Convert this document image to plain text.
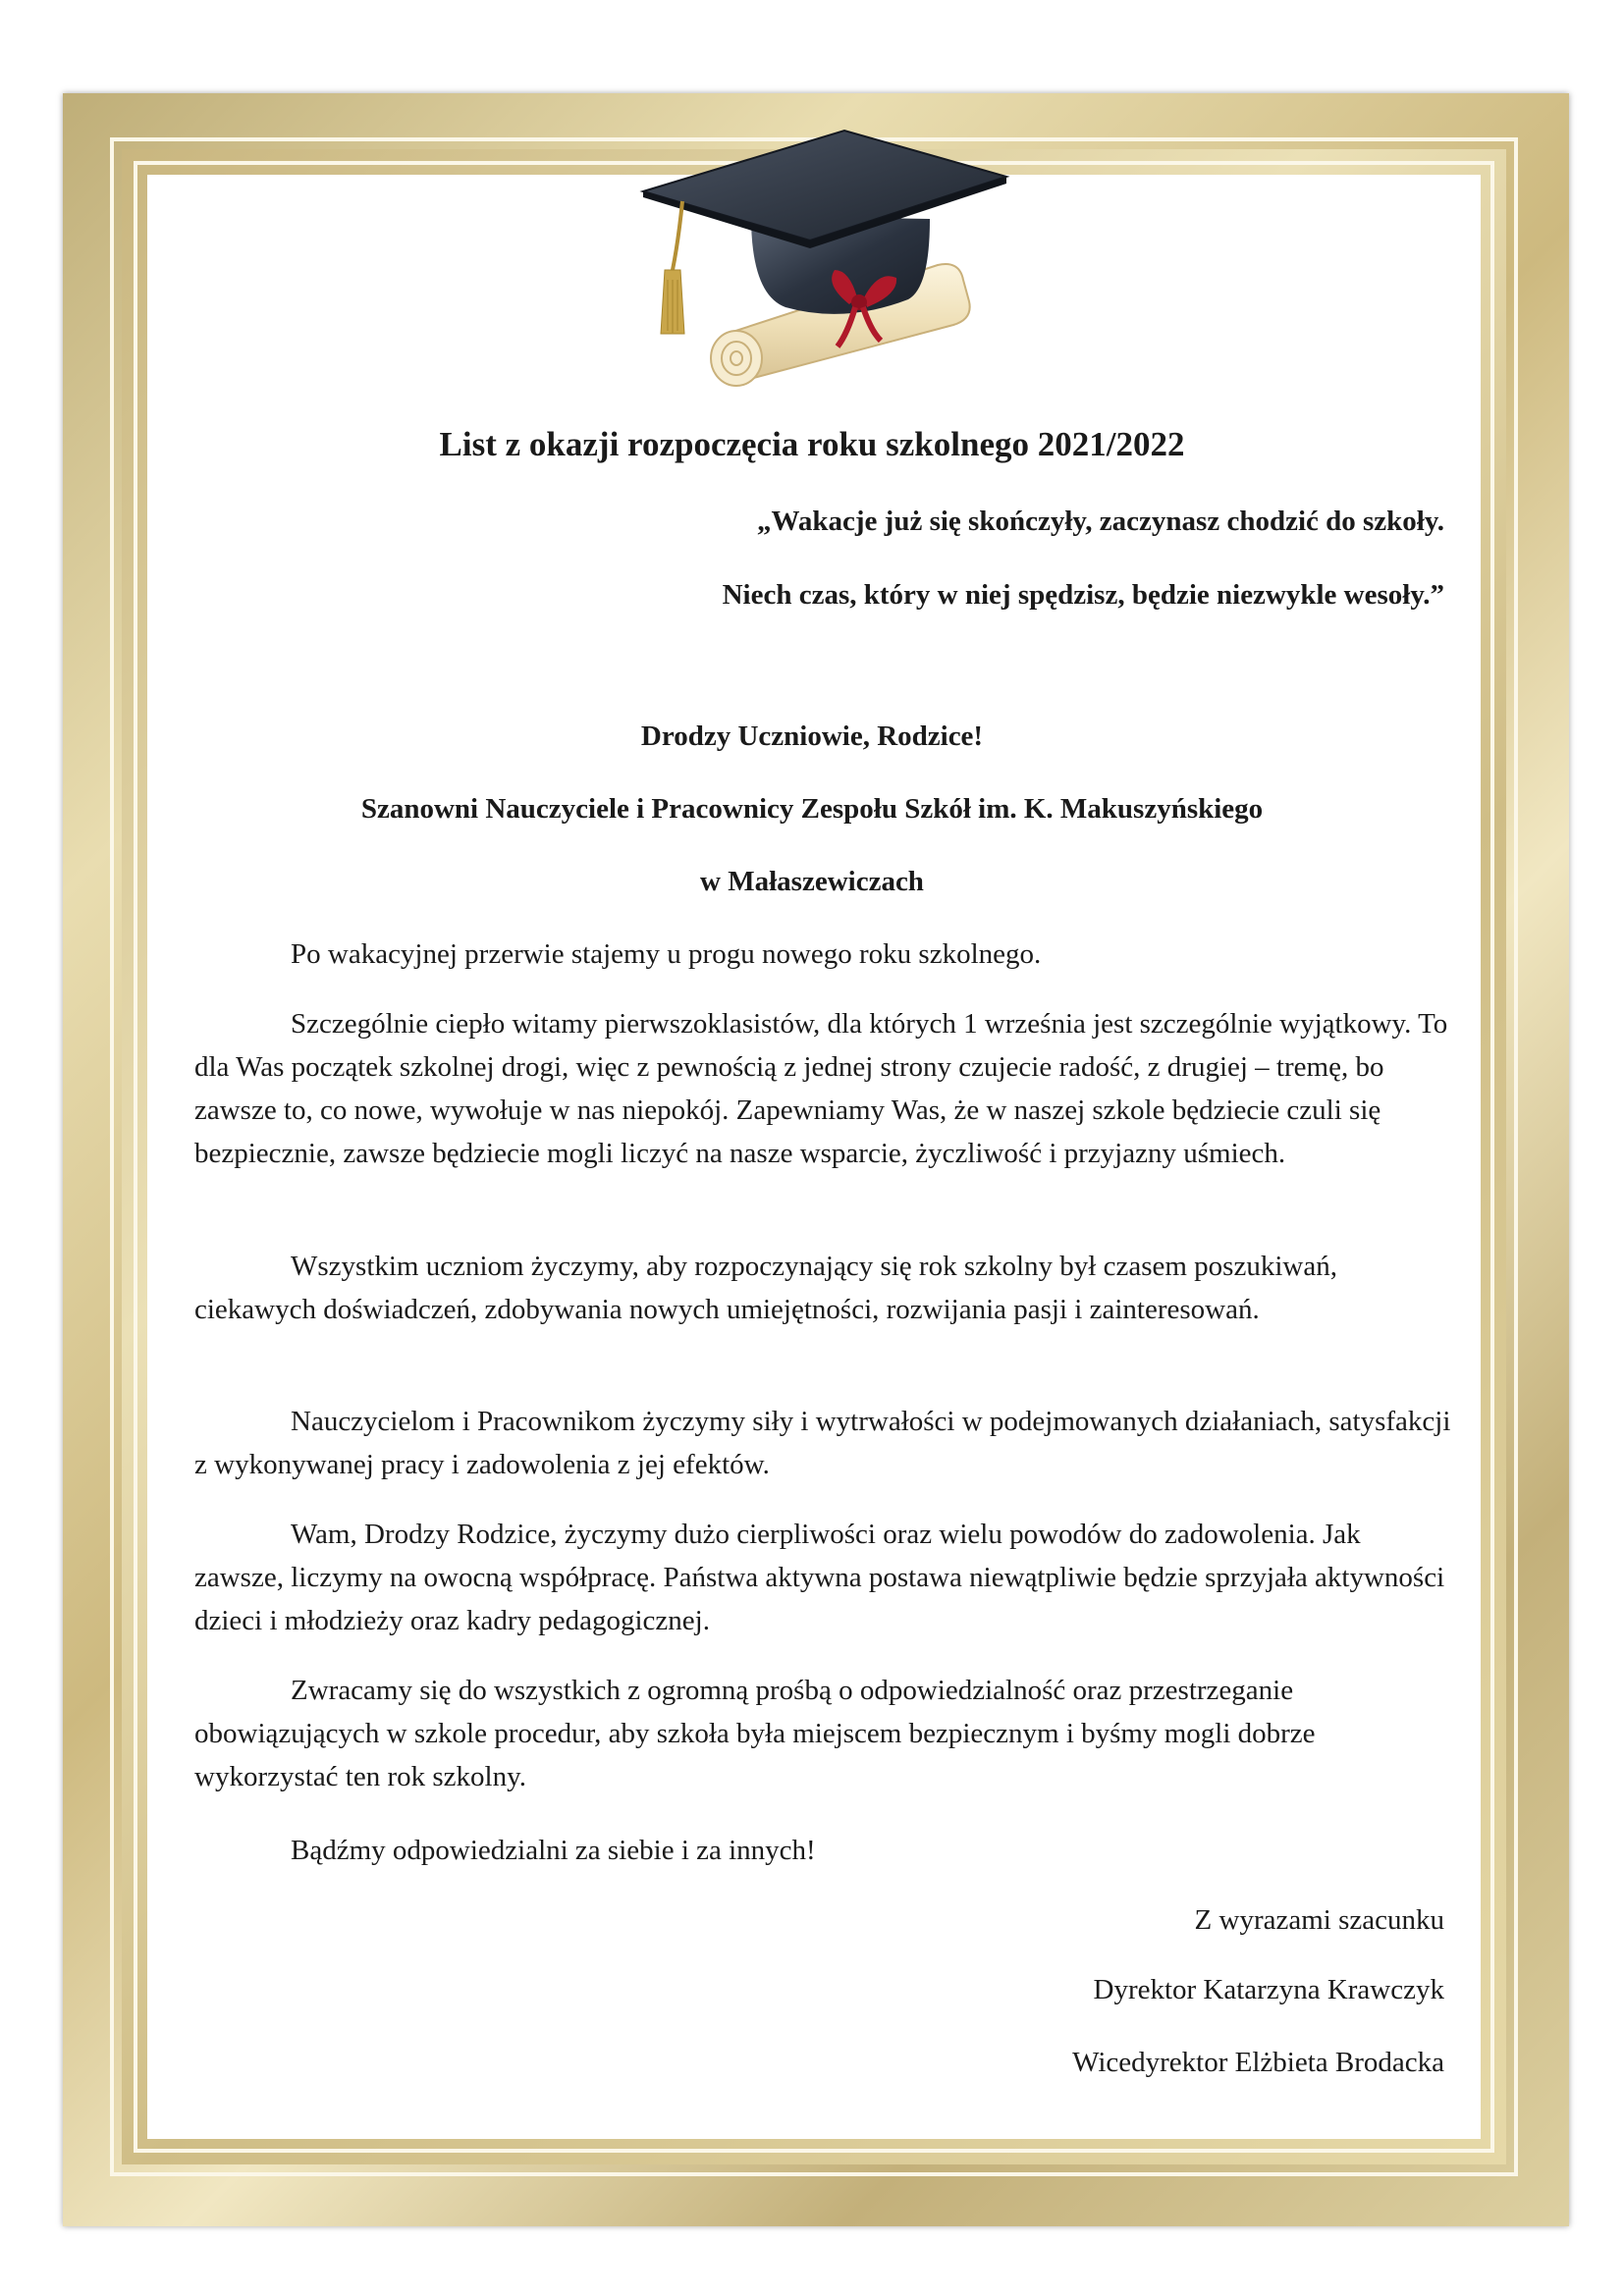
List z okazji rozpoczęcia roku szkolnego 2021/2022
„Wakacje już się skończyły, zaczynasz chodzić do szkoły.
Niech czas, który w niej spędzisz, będzie niezwykle wesoły.”
Drodzy Uczniowie, Rodzice!
Szanowni Nauczyciele i Pracownicy Zespołu Szkół im. K. Makuszyńskiego
w Małaszewiczach

Po wakacyjnej przerwie stajemy u progu nowego roku szkolnego.

Szczególnie ciepło witamy pierwszoklasistów, dla których 1 września jest szczególnie wyjątkowy. To dla Was początek szkolnej drogi, więc z pewnością z jednej strony czujecie radość, z drugiej – tremę, bo zawsze to, co nowe, wywołuje w nas niepokój. Zapewniamy Was, że w naszej szkole będziecie czuli się bezpiecznie, zawsze będziecie mogli liczyć na nasze wsparcie, życzliwość i przyjazny uśmiech.

Wszystkim uczniom życzymy, aby rozpoczynający się rok szkolny był czasem poszukiwań, ciekawych doświadczeń, zdobywania nowych umiejętności, rozwijania pasji i zainteresowań.

Nauczycielom i Pracownikom życzymy siły i wytrwałości w podejmowanych działaniach, satysfakcji z wykonywanej pracy i zadowolenia z jej efektów.

Wam, Drodzy Rodzice, życzymy dużo cierpliwości oraz wielu powodów do zadowolenia. Jak zawsze, liczymy na owocną współpracę. Państwa aktywna postawa niewątpliwie będzie sprzyjała aktywności dzieci i młodzieży oraz kadry pedagogicznej.

Zwracamy się do wszystkich z ogromną prośbą o odpowiedzialność oraz przestrzeganie obowiązujących w szkole procedur, aby szkoła była miejscem bezpiecznym i byśmy mogli dobrze wykorzystać ten rok szkolny.

Bądźmy odpowiedzialni za siebie i za innych!

Z wyrazami szacunku
Dyrektor Katarzyna Krawczyk
Wicedyrektor Elżbieta Brodacka
